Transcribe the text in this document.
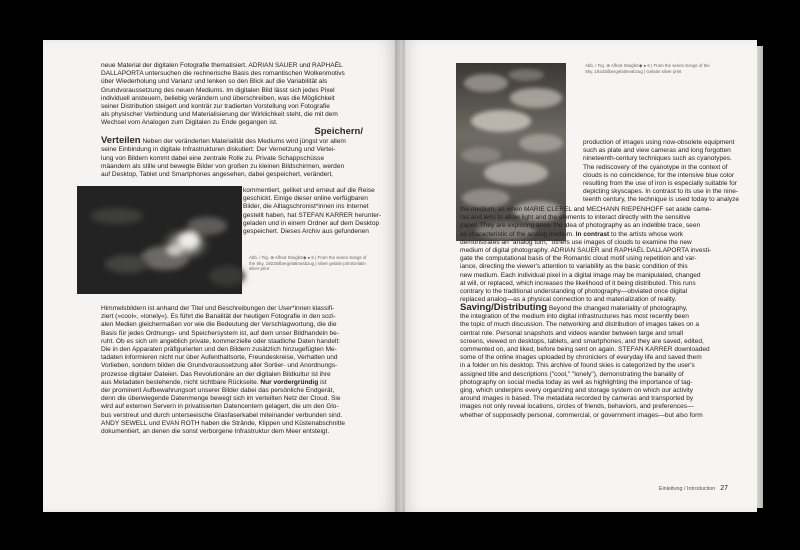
neue Material der digitalen Fotografie thematisiert. ADRIAN SAUER und RAPHAËL
DALLAPORTA untersuchen die rechnerische Basis des romantischen Wolkenmotivs
über Wiederholung und Varianz und lenken so den Blick auf die Variabilität als
Grundvoraussetzung des neuen Mediums. Im digitalen Bild lässt sich jedes Pixel
individuell ansteuern, beliebig verändern und überschreiben, was die Möglichkeit
seiner Distribution steigert und konträr zur tradierten Vorstellung von Fotografie
als physischer Verbindung und Materialisierung der Wirklichkeit steht, die mit dem
Wechsel vom Analogen zum Digitalen zu Ende gegangen ist.
Speichern/
Verteilen Neben der veränderten Materialität des Mediums wird jüngst vor allem
seine Einbindung in digitale Infrastrukturen diskutiert: Der Vernetzung und Vertei-
lung von Bildern kommt dabei eine zentrale Rolle zu. Private Schappschüsse
mäandern als stille und bewegte Bilder von großen zu kleinen Bildschirmen, werden
auf Desktop, Tablet und Smartphones angesehen, dabei gespeichert, verändert,
kommentiert, geliket und erneut auf die Reise
geschickt. Einige dieser online verfügbaren
Bilder, die Alltagschronist*innen ins Internet
gestellt haben, hat STEFAN KARRER herunter-
geladen und in einem Ordner auf dem Desktop
gespeichert. Dieses Archiv aus gefundenen
Abb. / Fig. ⊕ Alfred Stieglitz◆ ● 5 | From the series Songs of the Sky, 1923Silbergelatineabzug | silver gelatin printGelatin silver print
Himmelsbildern ist anhand der Titel und Beschreibungen der User*innen klassifi-
ziert (»cool«, »lonely«). Es führt die Banalität der heutigen Fotografie in den sozi-
alen Medien gleichermaßen vor wie die Bedeutung der Verschlagwortung, die die
Basis für jedes Ordnungs- und Speichersystem ist, auf dem unser Bildhandeln be-
ruht. Ob es sich um angeblich private, kommerzielle oder staatliche Daten handelt:
Die in den Apparaten präfigurierten und den Bildern zusätzlich hinzugefügten Me-
tadaten informieren nicht nur über Aufenthaltsorte, Freundeskreise, Verhalten und
Vorlieben, sondern bilden die Grundvoraussetzung aller Sortier- und Anordnungs-
prozesse digitaler Dateien. Das Revolutionäre an der digitalen Bildkultur ist ihre
aus Metadaten bestehende, nicht sichtbare Rückseite. Nur vordergründig ist
der prominent Aufbewahrungsort unserer Bilder dabei das persönliche Endgerät,
denn die überwiegende Datenmenge bewegt sich im verteilten Netz der Cloud. Sie
wird auf externen Servern in privatisierten Datencentern gelagert, die um den Glo-
bus verstreut und durch unterseeische Glasfaserkabel miteinander verbunden sind.
ANDY SEWELL und EVAN ROTH haben die Strände, Klippen und Küstenabschnitte
dokumentiert, an denen die sonst verborgene Infrastruktur dem Meer entsteigt.
Abb. / Fig. ⊕ Alfred Stieglitz◆ ● 6 | From the series Songs of the Sky, 1924Silbergelatineabzug | Gelatin silver print
production of images using now-obsolete equipment
such as plate and view cameras and long forgotten
nineteenth-century techniques such as cyanotypes.
The rediscovery of the cyanotype in the context of
clouds is no coincidence, for the intensive blue color
resulting from the use of iron is especially suitable for
depicting skyscapes. In contrast to its use in the nine-
teenth century, the technique is used today to analyze
the medium, as when MARIE CLEREL and MECHANN RIEPENHOFF set aside came-
ras and lens to allow light and the elements to interact directly with the sensitive
paper. They are exploring anew the idea of photography as an indelible trace, seen
as characteristic of the analog medium. In contrast to the artists whose work
demonstrates an "analog turn," others use images of clouds to examine the new
medium of digital photography. ADRIAN SAUER and RAPHAËL DALLAPORTA investi-
gate the computational basis of the Romantic cloud motif using repetition and var-
iance, directing the viewer's attention to variability as the basic condition of this
new medium. Each individual pixel in a digital image may be manipulated, changed
at will, or replaced, which increases the likelihood of it being distributed. This runs
contrary to the traditional understanding of photography—obviated once digital
replaced analog—as a physical connection to and materialization of reality.
Saving/Distributing Beyond the changed materiality of photography,
the integration of the medium into digital infrastructures has most recently been
the topic of much discussion. The networking and distribution of images takes on a
central role. Personal snapshots and videos wander between large and small
screens, viewed on desktops, tablets, and smartphones, and they are saved, edited,
commented on, and liked, before being sent on again. STEFAN KARRER downloaded
some of the online images uploaded by chroniclers of everyday life and saved them
in a folder on his desktop. This archive of found skies is categorized by the user's
assigned title and descriptions ("cool," "lonely"), demonstrating the banality of
photography on social media today as well as highlighting the importance of tag-
ging, which underpins every organizing and storage system on which our activity
around images is based. The metadata recorded by cameras and transported by
images not only reveal locations, circles of friends, behaviors, and preferences—
whether of supposedly personal, commercial, or government images—but also form
Einleitung / Introduction 27
